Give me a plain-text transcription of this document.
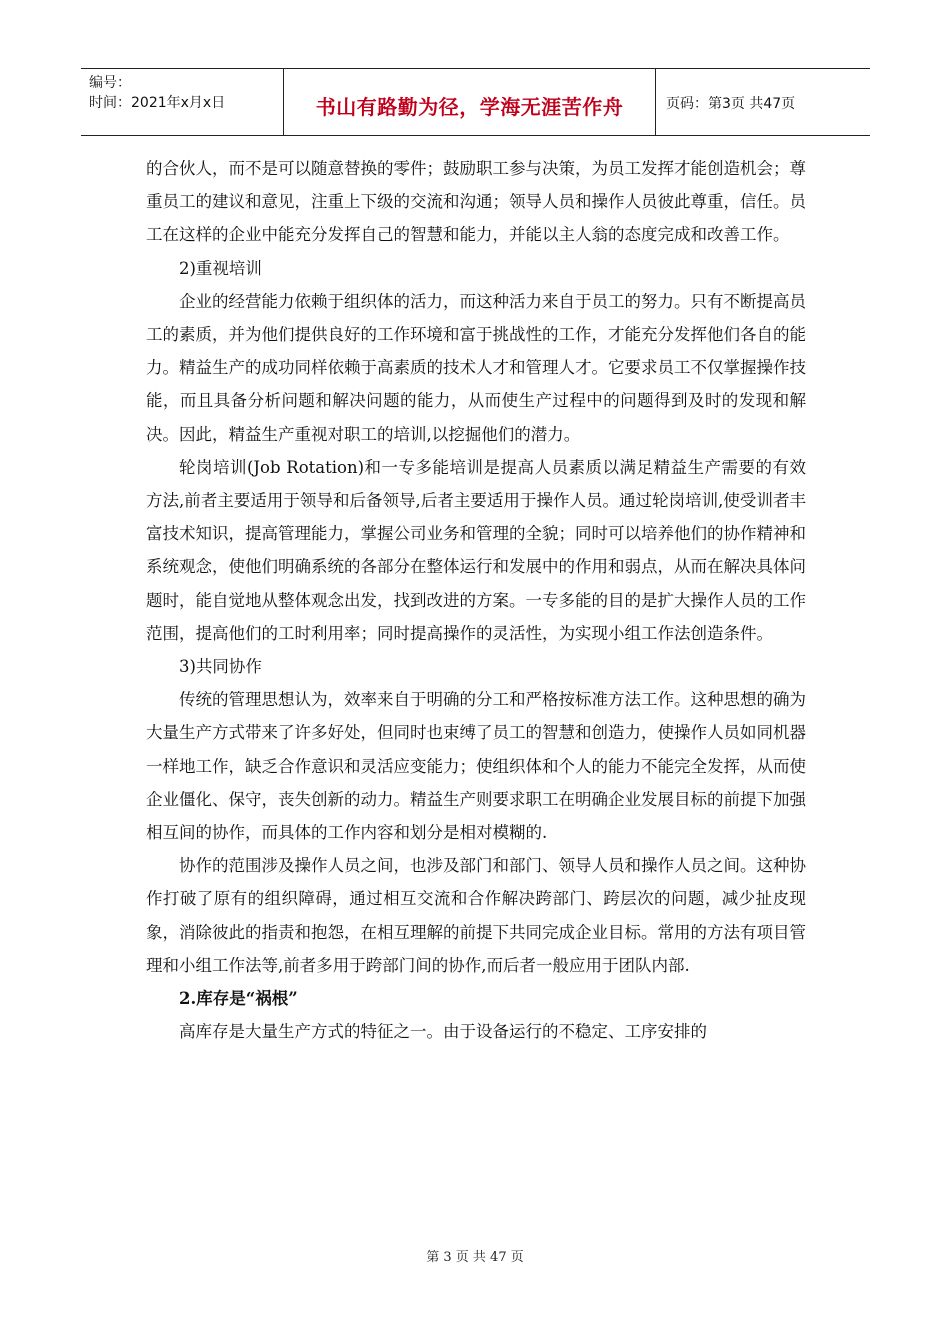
编号：
时间：2021年x月x日	书山有路勤为径，学海无涯苦作舟	页码：第3页 共47页

的合伙人，而不是可以随意替换的零件；鼓励职工参与决策，为员工发挥才能创造机会；尊重员工的建议和意见，注重上下级的交流和沟通；领导人员和操作人员彼此尊重，信任。员工在这样的企业中能充分发挥自己的智慧和能力，并能以主人翁的态度完成和改善工作。

2)重视培训

企业的经营能力依赖于组织体的活力，而这种活力来自于员工的努力。只有不断提高员工的素质，并为他们提供良好的工作环境和富于挑战性的工作，才能充分发挥他们各自的能力。精益生产的成功同样依赖于高素质的技术人才和管理人才。它要求员工不仅掌握操作技能，而且具备分析问题和解决问题的能力，从而使生产过程中的问题得到及时的发现和解决。因此，精益生产重视对职工的培训,以挖掘他们的潜力。

轮岗培训(Job Rotation)和一专多能培训是提高人员素质以满足精益生产需要的有效方法,前者主要适用于领导和后备领导,后者主要适用于操作人员。通过轮岗培训,使受训者丰富技术知识，提高管理能力，掌握公司业务和管理的全貌；同时可以培养他们的协作精神和系统观念，使他们明确系统的各部分在整体运行和发展中的作用和弱点，从而在解决具体问题时，能自觉地从整体观念出发，找到改进的方案。一专多能的目的是扩大操作人员的工作范围，提高他们的工时利用率；同时提高操作的灵活性，为实现小组工作法创造条件。

3)共同协作

传统的管理思想认为，效率来自于明确的分工和严格按标准方法工作。这种思想的确为大量生产方式带来了许多好处，但同时也束缚了员工的智慧和创造力，使操作人员如同机器一样地工作，缺乏合作意识和灵活应变能力；使组织体和个人的能力不能完全发挥，从而使企业僵化、保守，丧失创新的动力。精益生产则要求职工在明确企业发展目标的前提下加强相互间的协作，而具体的工作内容和划分是相对模糊的.

协作的范围涉及操作人员之间，也涉及部门和部门、领导人员和操作人员之间。这种协作打破了原有的组织障碍，通过相互交流和合作解决跨部门、跨层次的问题，减少扯皮现象，消除彼此的指责和抱怨，在相互理解的前提下共同完成企业目标。常用的方法有项目管理和小组工作法等,前者多用于跨部门间的协作,而后者一般应用于团队内部.

2.库存是“祸根”

高库存是大量生产方式的特征之一。由于设备运行的不稳定、工序安排的

第 3 页 共 47 页
